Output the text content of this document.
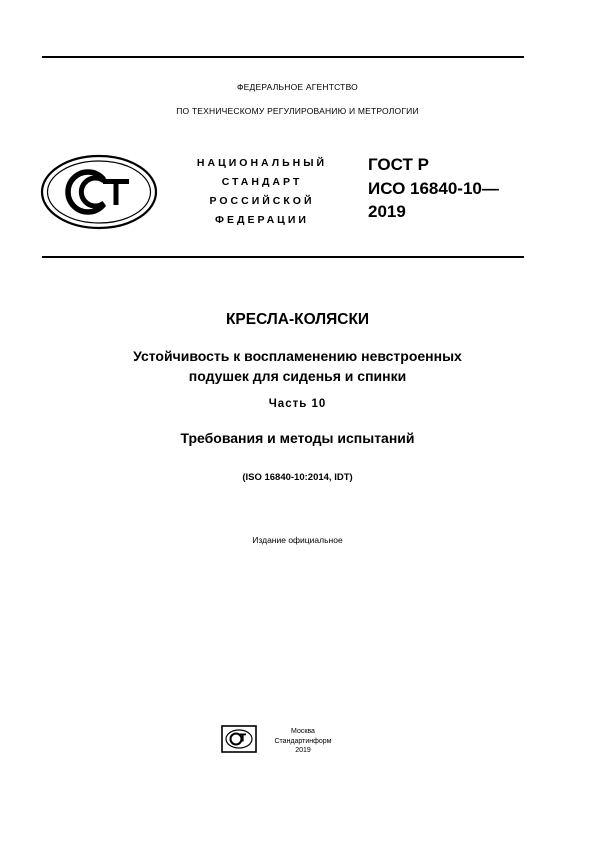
ФЕДЕРАЛЬНОЕ АГЕНТСТВО
ПО ТЕХНИЧЕСКОМУ РЕГУЛИРОВАНИЮ И МЕТРОЛОГИИ
НАЦИОНАЛЬНЫЙ
СТАНДАРТ
РОССИЙСКОЙ
ФЕДЕРАЦИИ
ГОСТ Р
ИСО 16840-10—
2019
КРЕСЛА-КОЛЯСКИ
Устойчивость к воспламенению невстроенных
подушек для сиденья и спинки
Часть 10
Требования и методы испытаний
(ISO 16840-10:2014, IDT)
Издание официальное
Москва
Стандартинформ
2019
